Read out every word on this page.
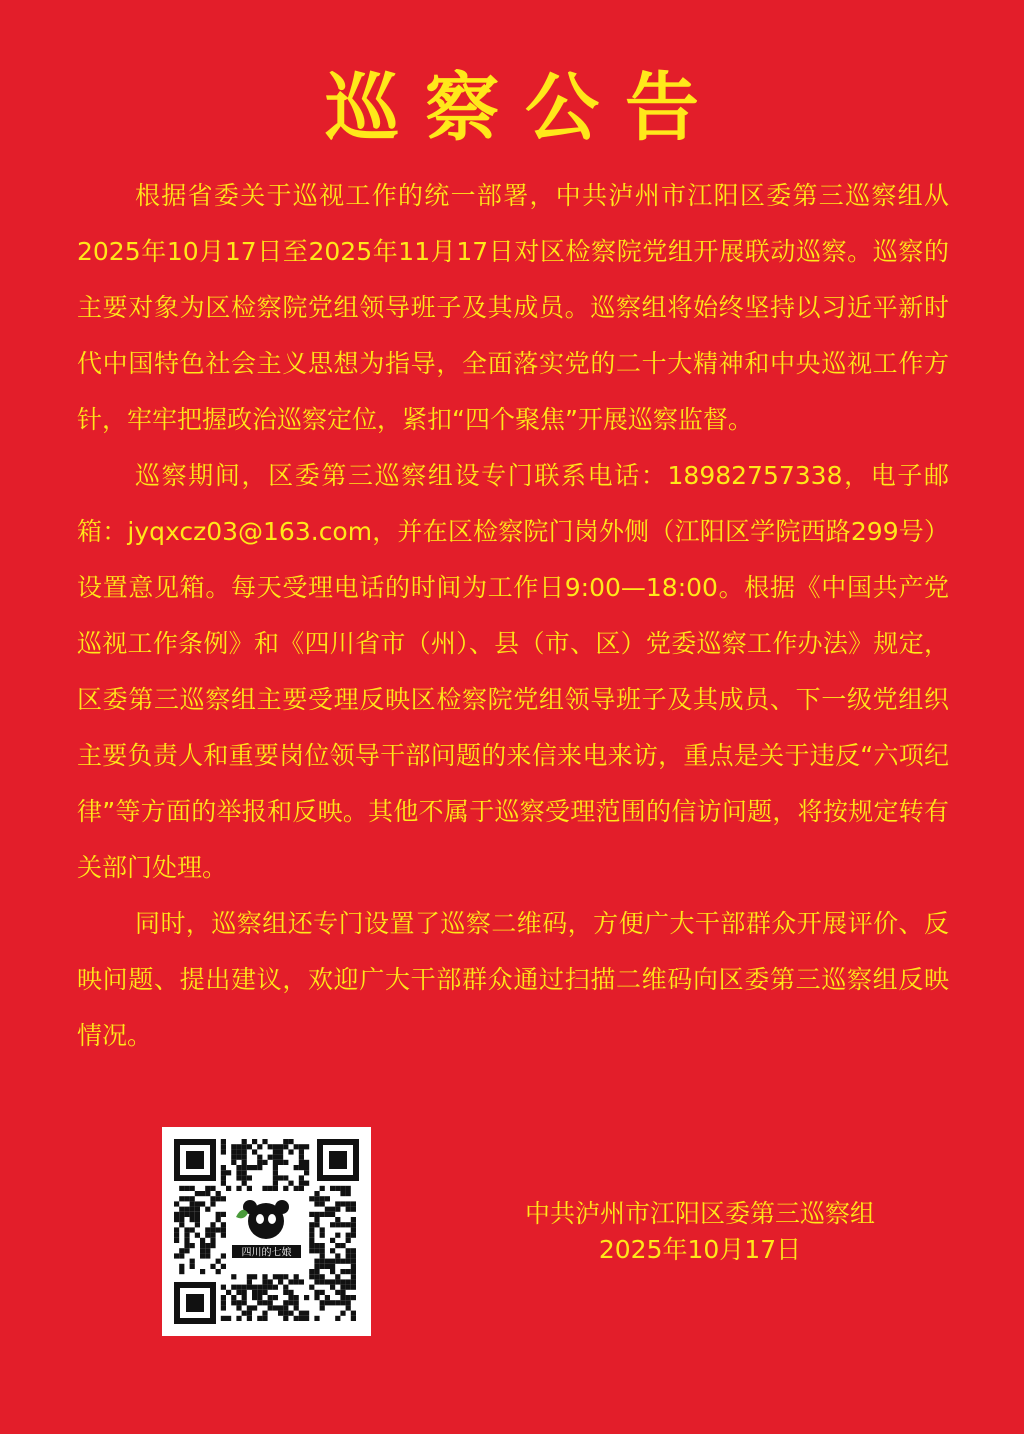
巡察公告

根据省委关于巡视工作的统一部署，中共泸州市江阳区委第三巡察组从2025年10月17日至2025年11月17日对区检察院党组开展联动巡察。巡察的主要对象为区检察院党组领导班子及其成员。巡察组将始终坚持以习近平新时代中国特色社会主义思想为指导，全面落实党的二十大精神和中央巡视工作方针，牢牢把握政治巡察定位，紧扣“四个聚焦”开展巡察监督。

巡察期间，区委第三巡察组设专门联系电话：18982757338，电子邮箱：jyqxcz03@163.com，并在区检察院门岗外侧（江阳区学院西路299号）设置意见箱。每天受理电话的时间为工作日9:00—18:00。根据《中国共产党巡视工作条例》和《四川省市（州）、县（市、区）党委巡察工作办法》规定，区委第三巡察组主要受理反映区检察院党组领导班子及其成员、下一级党组织主要负责人和重要岗位领导干部问题的来信来电来访，重点是关于违反“六项纪律”等方面的举报和反映。其他不属于巡察受理范围的信访问题，将按规定转有关部门处理。

同时，巡察组还专门设置了巡察二维码，方便广大干部群众开展评价、反映问题、提出建议，欢迎广大干部群众通过扫描二维码向区委第三巡察组反映情况。

四川的七娘
中共泸州市江阳区委第三巡察组
2025年10月17日
